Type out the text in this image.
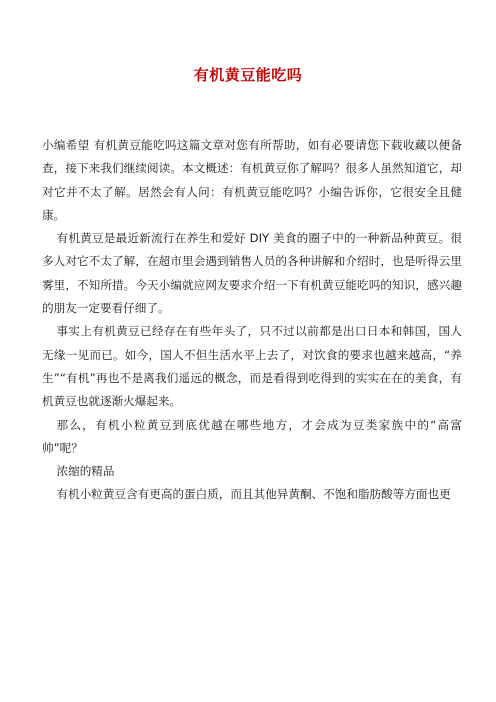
有机黄豆能吃吗

小编希望 有机黄豆能吃吗这篇文章对您有所帮助，如有必要请您下载收藏以便备查，接下来我们继续阅读。本文概述：有机黄豆你了解吗？很多人虽然知道它，却对它并不太了解。居然会有人问：有机黄豆能吃吗？小编告诉你，它很安全且健康。

有机黄豆是最近新流行在养生和爱好 DIY 美食的圈子中的一种新品种黄豆。很多人对它不太了解，在超市里会遇到销售人员的各种讲解和介绍时，也是听得云里雾里，不知所措。今天小编就应网友要求介绍一下有机黄豆能吃吗的知识，感兴趣的朋友一定要看仔细了。

事实上有机黄豆已经存在有些年头了，只不过以前都是出口日本和韩国，国人无缘一见而已。如今，国人不但生活水平上去了，对饮食的要求也越来越高，“养生”“有机”再也不是离我们遥远的概念，而是看得到吃得到的实实在在的美食，有机黄豆也就逐渐火爆起来。

那么，有机小粒黄豆到底优越在哪些地方，才会成为豆类家族中的“高富帅”呢？

浓缩的精品

有机小粒黄豆含有更高的蛋白质，而且其他异黄酮、不饱和脂肪酸等方面也更
